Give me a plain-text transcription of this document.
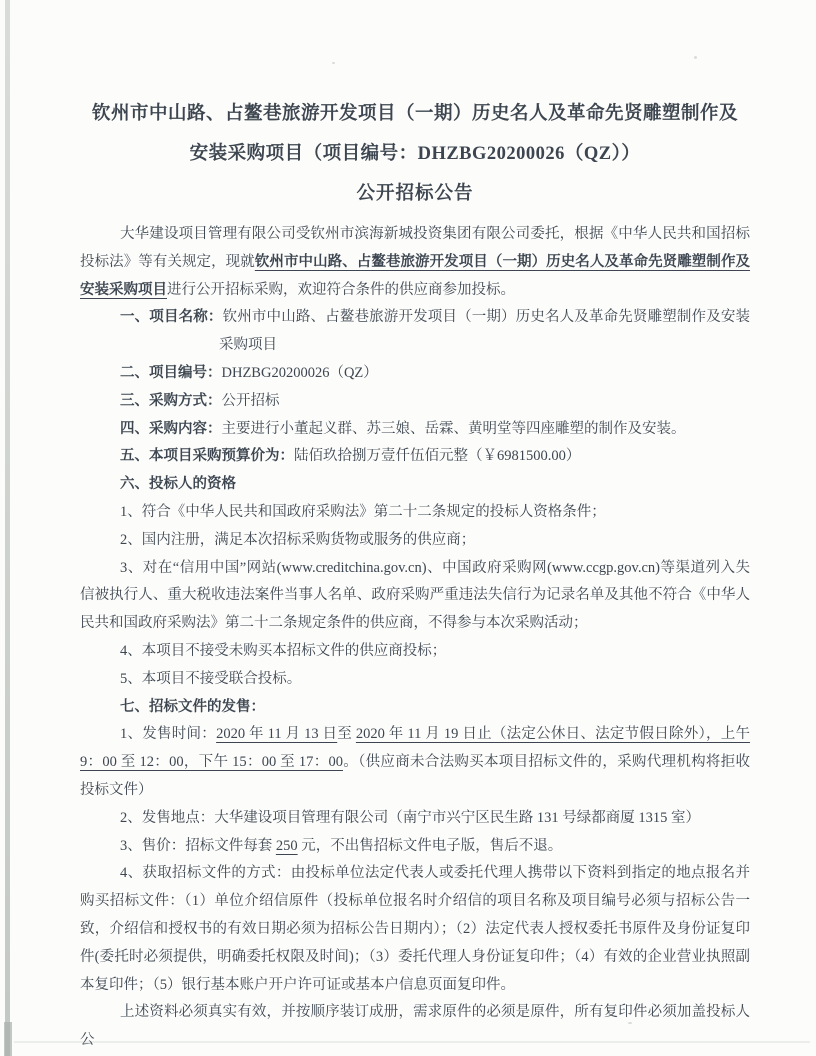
钦州市中山路、占鳌巷旅游开发项目（一期）历史名人及革命先贤雕塑制作及
安装采购项目（项目编号：DHZBG20200026（QZ））
公开招标公告

大华建设项目管理有限公司受钦州市滨海新城投资集团有限公司委托，根据《中华人民共和国招标投标法》等有关规定，现就钦州市中山路、占鳌巷旅游开发项目（一期）历史名人及革命先贤雕塑制作及安装采购项目进行公开招标采购，欢迎符合条件的供应商参加投标。

一、项目名称：钦州市中山路、占鳌巷旅游开发项目（一期）历史名人及革命先贤雕塑制作及安装采购项目

二、项目编号：DHZBG20200026（QZ）

三、采购方式：公开招标

四、采购内容：主要进行小董起义群、苏三娘、岳霖、黄明堂等四座雕塑的制作及安装。

五、本项目采购预算价为：陆佰玖拾捌万壹仟伍佰元整（￥6981500.00）

六、投标人的资格

1、符合《中华人民共和国政府采购法》第二十二条规定的投标人资格条件；

2、国内注册，满足本次招标采购货物或服务的供应商；

3、对在“信用中国”网站(www.creditchina.gov.cn)、中国政府采购网(www.ccgp.gov.cn)等渠道列入失信被执行人、重大税收违法案件当事人名单、政府采购严重违法失信行为记录名单及其他不符合《中华人民共和国政府采购法》第二十二条规定条件的供应商，不得参与本次采购活动；

4、本项目不接受未购买本招标文件的供应商投标；

5、本项目不接受联合投标。

七、招标文件的发售：

1、发售时间：2020 年 11 月 13 日至 2020 年 11 月 19 日止（法定公休日、法定节假日除外），上午 9：00 至 12：00，下午 15：00 至 17：00。（供应商未合法购买本项目招标文件的，采购代理机构将拒收投标文件）

2、发售地点：大华建设项目管理有限公司（南宁市兴宁区民生路 131 号绿都商厦 1315 室）

3、售价：招标文件每套 250 元，不出售招标文件电子版，售后不退。

4、获取招标文件的方式：由投标单位法定代表人或委托代理人携带以下资料到指定的地点报名并购买招标文件：（1）单位介绍信原件（投标单位报名时介绍信的项目名称及项目编号必须与招标公告一致，介绍信和授权书的有效日期必须为招标公告日期内）；（2）法定代表人授权委托书原件及身份证复印件(委托时必须提供，明确委托权限及时间)；（3）委托代理人身份证复印件；（4）有效的企业营业执照副本复印件；（5）银行基本账户开户许可证或基本户信息页面复印件。

上述资料必须真实有效，并按顺序装订成册，需求原件的必须是原件，所有复印件必须加盖投标人公
